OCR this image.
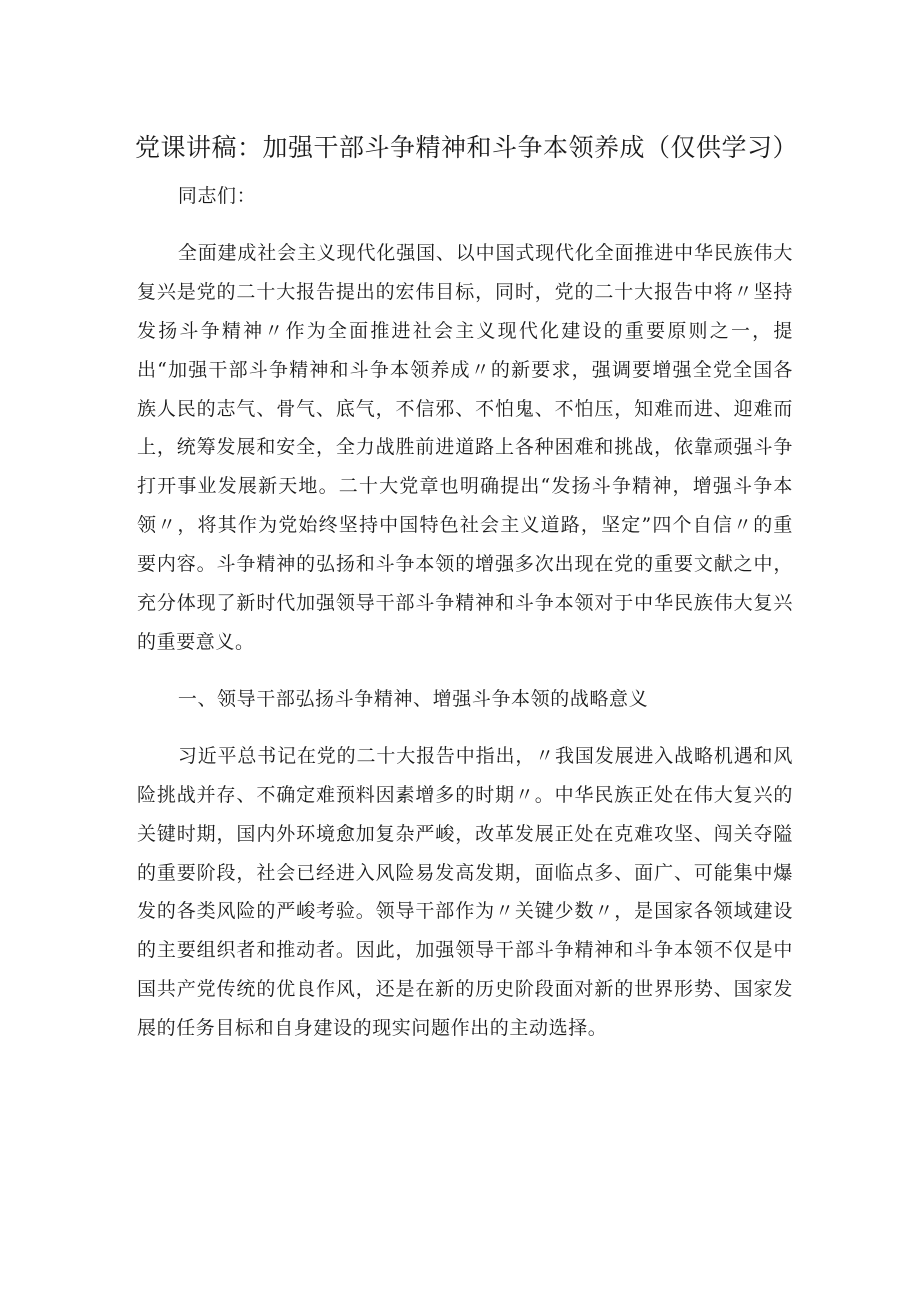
党课讲稿：加强干部斗争精神和斗争本领养成（仅供学习）

同志们：

全面建成社会主义现代化强国、以中国式现代化全面推进中华民族伟大复兴是党的二十大报告提出的宏伟目标，同时，党的二十大报告中将〃坚持发扬斗争精神〃作为全面推进社会主义现代化建设的重要原则之一，提出“加强干部斗争精神和斗争本领养成〃的新要求，强调要增强全党全国各族人民的志气、骨气、底气，不信邪、不怕鬼、不怕压，知难而进、迎难而上，统筹发展和安全，全力战胜前进道路上各种困难和挑战，依靠顽强斗争打开事业发展新天地。二十大党章也明确提出“发扬斗争精神，增强斗争本领〃，将其作为党始终坚持中国特色社会主义道路，坚定”四个自信〃的重要内容。斗争精神的弘扬和斗争本领的增强多次出现在党的重要文献之中，充分体现了新时代加强领导干部斗争精神和斗争本领对于中华民族伟大复兴的重要意义。

一、领导干部弘扬斗争精神、增强斗争本领的战略意义

习近平总书记在党的二十大报告中指出，〃我国发展进入战略机遇和风险挑战并存、不确定难预料因素增多的时期〃。中华民族正处在伟大复兴的关键时期，国内外环境愈加复杂严峻，改革发展正处在克难攻坚、闯关夺隘的重要阶段，社会已经进入风险易发高发期，面临点多、面广、可能集中爆发的各类风险的严峻考验。领导干部作为〃关键少数〃，是国家各领域建设的主要组织者和推动者。因此，加强领导干部斗争精神和斗争本领不仅是中国共产党传统的优良作风，还是在新的历史阶段面对新的世界形势、国家发展的任务目标和自身建设的现实问题作出的主动选择。
